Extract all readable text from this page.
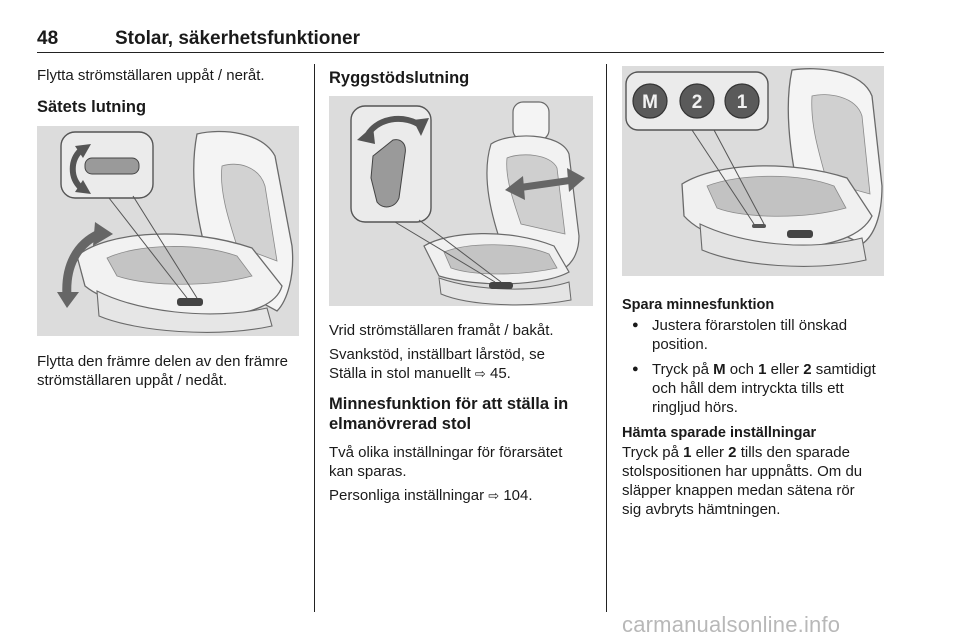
48	Stolar, säkerhetsfunktioner
Flytta strömställaren uppåt / neråt.
Sätets lutning
Flytta den främre delen av den främre
strömställaren uppåt / nedåt.
Ryggstödslutning
Vrid strömställaren framåt / bakåt.
Svankstöd, inställbart lårstöd, se
Ställa in stol manuellt ⇨ 45.
Minnesfunktion för att ställa in
elmanövrerad stol
Två olika inställningar för förarsätet
kan sparas.
Personliga inställningar ⇨ 104.
M 2 1
Spara minnesfunktion
● Justera förarstolen till önskad
position.
● Tryck på M och 1 eller 2 samtidigt
och håll dem intryckta tills ett
ringljud hörs.
Hämta sparade inställningar
Tryck på 1 eller 2 tills den sparade
stolspositionen har uppnåtts. Om du
släpper knappen medan sätena rör
sig avbryts hämtningen.
carmanualsonline.info
